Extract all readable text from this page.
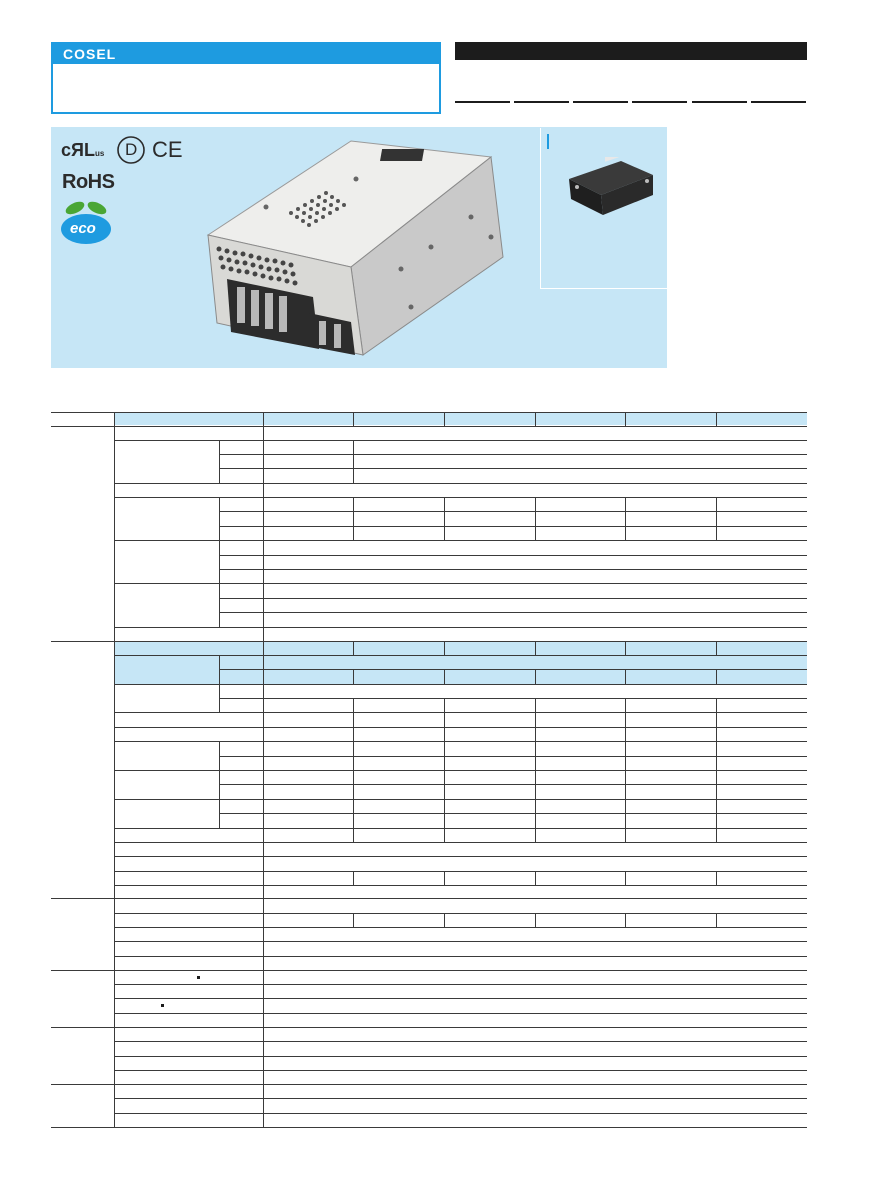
COSEL
cЯLus D CE
eco
RoHS
